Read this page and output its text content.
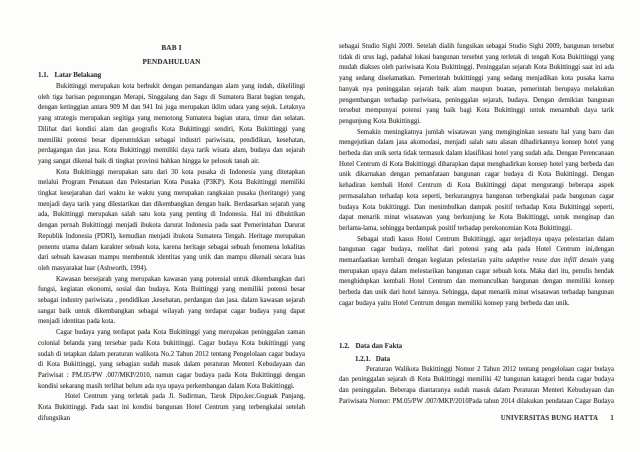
BAB I
PENDAHULUAN
1.1. Latar Belakang

Bukittinggi merupakan kota berbukit dengan pemandangan alam yang indah, dikelilingi oleh tiga barisan pegunungan Merapi, Singgalang dan Sagu di Sumatera Barat bagian tengah, dengan ketinggian antara 909 M dan 941 Ini juga merupakan iklim udara yang sejuk. Letaknya yang strategis merupakan segitiga yang memotong Sumatera bagian utara, timur dan selatan. Dilihat dari kondisi alam dan geografis Kota Bukittinggi sendiri, Kota Bukittinggi yang memiliki potensi besar diperuntukkan sebagai industri pariwisata, pendidikan, kesehatan, perdagangan dan jasa. Kota Bukittinggi memiliki daya tarik wisata alam, budaya dan sejarah yang sangat dikenal baik di tingkat provinsi bahkan hingga ke pelosok tanah air.

Kota Bukittinggi merupakan satu dari 30 kota pusaka di Indonesia yang ditetapkan melalui Program Penataan dan Pelestarian Kota Pusaka (P3KP). Kota Bukittinggi memiliki tingkat kesejarahan dari waktu ke waktu yang merupakan rangkaian pusaka (heritange) yang menjadi daya tarik yang dilestarikan dan dikembangkan dengan baik. Berdasarkan sejarah yang ada, Bukittinggi merupakan salah satu kota yang penting di Indonesia. Hal ini dibuktikan dengan pernah Bukittinggi menjadi ibukota darurat Indonesia pada saat Pemerintahan Darurat Republik Indonesia (PDRI), kemudian menjadi ibukota Sumatera Tengah. Heritage merupakan penentu utama dalam karakter sebuah kota, karena heritage sebagai sebuah fenomena lokalitas dari sebuah kawasan mampu membentuk identitas yang unik dan mampu dikenali secara luas oleh masyarakat luar (Ashworth, 1994).

Kawasan bersejarah yang merupakan kawasan yang potensial untuk dikembangkan dari fungsi, kegiatan ekonomi, sosial dan budaya. Kota Buittinggi yang memiliki potensi besar sebagai industry pariwisata , pendidikan ,kesehatan, perdangan dan jasa. dalam kawasan sejarah sangat baik untuk dikembangkan sebagai wilayah yang terdapat cagar budaya yang dapat menjadi identitas pada kota.

Cagar budaya yang terdapat pada Kota Bukittinggi yang merupakan peninggalan zaman colonial belanda yang tersebar pada Kota bukittinggi. Cagar budaya Kota bukittinggi yang sudah di tetapkan dalam peraturan walikota No.2 Tahun 2012 tentang Pengelolaan cagar budaya di Kota Bukittinggi, yang sebagian sudah masuk dalam peraturan Menteri Kebudayaan dan Pariwisat : PM.05/PW .007/MKP/2010, namun cagar budaya pada Kota Bukittinggi dengan kondisi sekarang masih terlihat belum ada nya upaya perkembangan dalam Kota Bukittinggi.

Hotel Centrum yang terletak pada Jl. Sudirman, Tarok Dipo,kec.Guguak Panjang, Kota Bukittinggi. Pada saat ini kondisi bangunan Hotel Centrum yang terbengkalai setelah difungsikan

sebagai Studio Sighi 2009. Setelah dialih fungsikan sebagai Studio Sighi 2009, bangunan tersebut tidak di urus lagi, padahal lokasi bangunan tersebut yang terletak di tengah Kota Bukittinggi yang mudah diakses oleh pariwisata Kota Bukittinggi. Peninggalan sejarah Kota Bukittinggi saat ini ada yang sedang diselamatkan. Pemerintah bukittinggi yang sedang menjadikan kota pusaka karna banyak nya peninggalan sejarah baik alam maupun buatan, pemerintah berupaya melakukan pengembangan terhadap pariwisata, peninggalan sejarah, budaya. Dengan demikian bangunan tersebut mempunyai potensi yang baik bagi Kota Bukittinggi untuk menambah daya tarik pengunjung Kota Bukittinggi.

Semakin meningkatnya jumlah wisatawan yang menginginkan sesuatu hal yang baru dan mengejutkan dalam jasa akomodasi, menjadi salah satu alasan dihadirkannya konsep hotel yang berbeda dan unik serta tidak termasuk dalam klasifikasi hotel yang sudah ada. Dengan Perencanaan Hotel Centrum di Kota Bukittinggi diharapkan dapat menghadirkan konsep hotel yang berbeda dan unik dikarnakan dengan pemanfataan bangunan cagar budaya di Kota Bukittinggi. Dengan kehadiran kembali Hotel Centrum di Kota Bukittinggi dapat mengurangi beberapa aspek permasalahan terhadap kota seperti, berkurangnya bangunan terbengkalai pada bangunan cagar budaya Kota bukittinggi. Dan menimbulkan dampak positif terhadap Kota Bukittinggi seperti, dapat menarik minat wisatawan yang berkunjung ke Kota Bukittinggi, untuk menginap dan berlama-lama, sehingga berdampak positif terhadap perekonomian Kota Bukittinggi.

Sebagai studi kasus Hotel Centrum Bukittinggi, agar terjadinya upaya pelestarian dalam bangunan cagar budaya, melihat dari potensi yang ada pada Hotel Centrum ini,dengan memanfaatkan kembali dengan kegiatan pelestarian yaitu adaptive reuse dan infill desain yang merupakan upaya dalam melestarikan bangunan cagar sebuah kota. Maka dari itu, penulis hendak menghidupkan kembali Hotel Centrum dan memunculkan bangunan dengan memiliki konsep berbeda dan unik dari hotel lainnya. Sehingga, dapat menarik minat wisatawan terhadap bangunan cagar budaya yaitu Hotel Centrum dengan memiliki konsep yang berbeda dan unik.

1.2. Data dan Fakta
1.2.1. Data

Peraturan Walikota Bukittinggi Nomor 2 Tahun 2012 tentang pengelolaan cagar budaya dan peninggalan sejarah di Kota Bukittinggi memiliki 42 bangunan katagori benda cagar budaya dan peninggalan. Beberapa diantaranya sudah masuk dalam Peraturan Menteri Kebudayaan dan Pariwisata Nomor: PM.05/PW .007/MKP/2010Pada tahun 2014 dilakukan pendataan Cagar Budaya

UNIVERSITAS BUNG HATTA 1
